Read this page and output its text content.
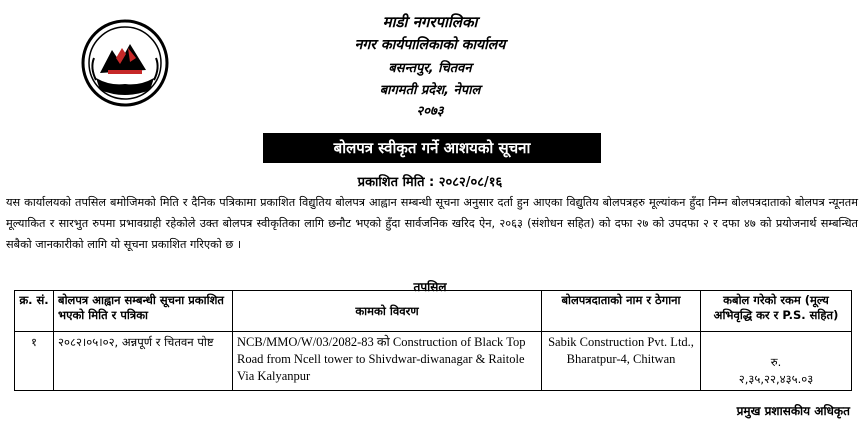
माडी नगरपालिका
नगर कार्यपालिकाको कार्यालय
बसन्तपुर, चितवन
बागमती प्रदेश, नेपाल
२०७३
बोलपत्र स्वीकृत गर्ने आशयको सूचना
प्रकाशित मिति : २०८२/०८/१६

यस कार्यालयको तपसिल बमोजिमको मिति र दैनिक पत्रिकामा प्रकाशित विद्युतिय बोलपत्र आह्वान सम्बन्धी सूचना अनुसार दर्ता हुन आएका विद्युतिय बोलपत्रहरु मूल्यांकन हुँदा निम्न बोलपत्रदाताको बोलपत्र न्यूनतम मूल्याकित र सारभुत रुपमा प्रभावग्राही रहेकोले उक्त बोलपत्र स्वीकृतिका लागि छनौट भएको हुँदा सार्वजनिक खरिद ऐन, २०६३ (संशोधन सहित) को दफा २७ को उपदफा २ र दफा ४७ को प्रयोजनार्थ सम्बन्धित सबैको जानकारीको लागि यो सूचना प्रकाशित गरिएको छ ।

तपसिल
क्र. सं.	बोलपत्र आह्वान सम्बन्धी सूचना प्रकाशित भएको मिति र पत्रिका	कामको विवरण	बोलपत्रदाताको नाम र ठेगाना	कबोल गरेको रकम (मूल्य अभिवृद्धि कर र P.S. सहित)
१	२०८२।०५।०२, अन्नपूर्ण र चितवन पोष्ट	NCB/MMO/W/03/2082-83 को Construction of Black Top Road from Ncell tower to Shivdwar-diwanagar & Raitole Via Kalyanpur	Sabik Construction Pvt. Ltd., Bharatpur-4, Chitwan	रु.
२,३५,२२,४३५.०३
प्रमुख प्रशासकीय अधिकृत
